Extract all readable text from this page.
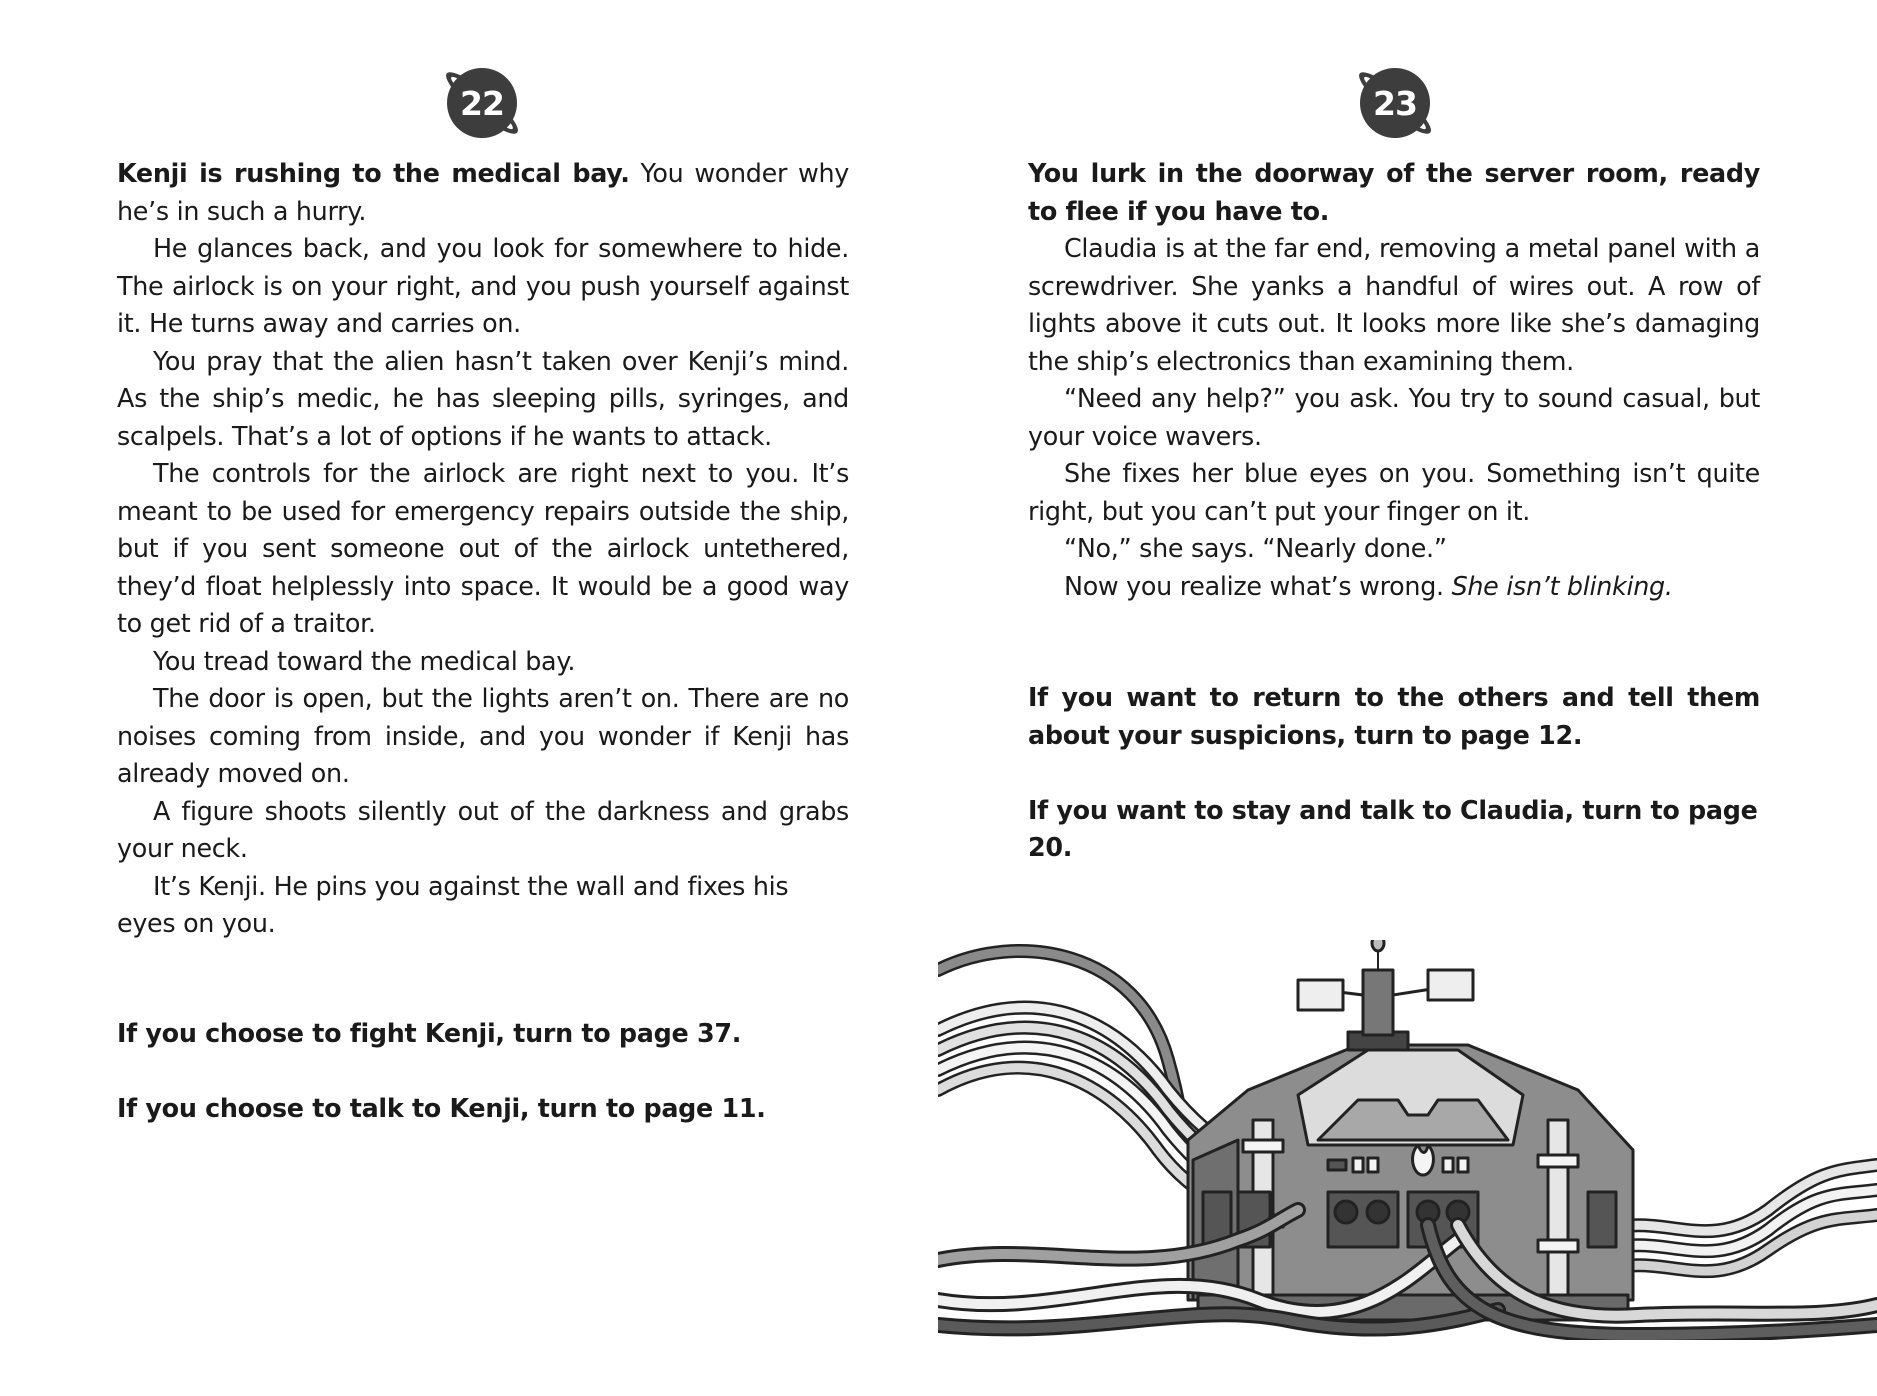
22

Kenji is rushing to the medical bay. You wonder why he’s in such a hurry.

He glances back, and you look for somewhere to hide. The airlock is on your right, and you push yourself against it. He turns away and carries on.

You pray that the alien hasn’t taken over Kenji’s mind. As the ship’s medic, he has sleeping pills, syringes, and scalpels. That’s a lot of options if he wants to attack.

The controls for the airlock are right next to you. It’s meant to be used for emergency repairs outside the ship, but if you sent someone out of the airlock untethered, they’d float helplessly into space. It would be a good way to get rid of a traitor.

You tread toward the medical bay.

The door is open, but the lights aren’t on. There are no noises coming from inside, and you wonder if Kenji has already moved on.

A figure shoots silently out of the darkness and grabs your neck.

It’s Kenji. He pins you against the wall and fixes his eyes on you.

If you choose to fight Kenji, turn to page 37.

If you choose to talk to Kenji, turn to page 11.

23

You lurk in the doorway of the server room, ready to flee if you have to.

Claudia is at the far end, removing a metal panel with a screwdriver. She yanks a handful of wires out. A row of lights above it cuts out. It looks more like she’s damaging the ship’s electronics than examining them.

“Need any help?” you ask. You try to sound casual, but your voice wavers.

She fixes her blue eyes on you. Something isn’t quite right, but you can’t put your finger on it.

“No,” she says. “Nearly done.”

Now you realize what’s wrong. She isn’t blinking.

If you want to return to the others and tell them about your suspicions, turn to page 12.

If you want to stay and talk to Claudia, turn to page 20.
